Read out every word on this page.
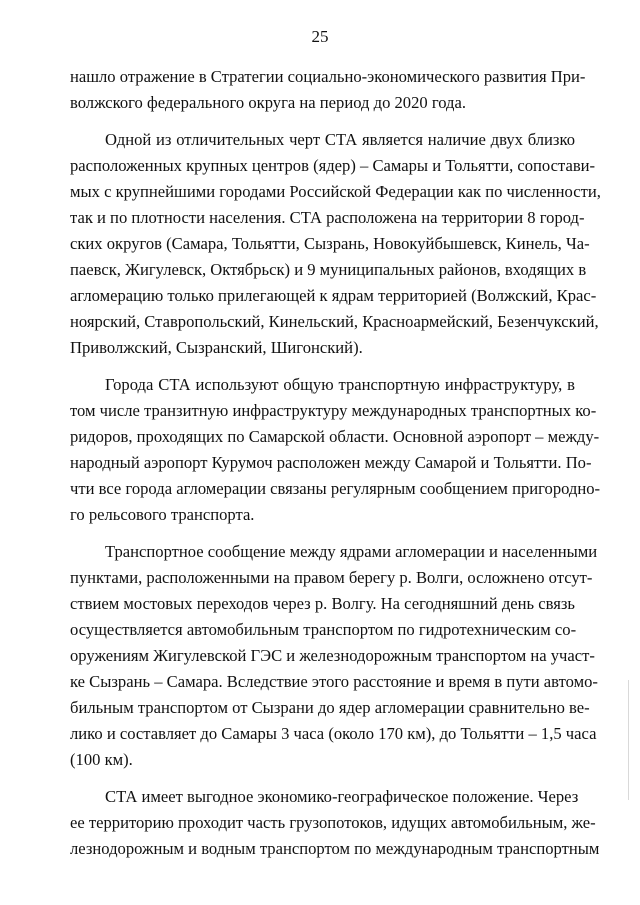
25
нашло отражение в Стратегии социально-экономического развития При-
волжского федерального округа на период до 2020 года.
Одной из отличительных черт СТА является наличие двух близко
расположенных крупных центров (ядер) – Самары и Тольятти, сопостави-
мых с крупнейшими городами Российской Федерации как по численности,
так и по плотности населения. СТА расположена на территории 8 город-
ских округов (Самара, Тольятти, Сызрань, Новокуйбышевск, Кинель, Ча-
паевск, Жигулевск, Октябрьск) и 9 муниципальных районов, входящих в
агломерацию только прилегающей к ядрам территорией (Волжский, Крас-
ноярский, Ставропольский, Кинельский, Красноармейский, Безенчукский,
Приволжский, Сызранский, Шигонский).
Города СТА используют общую транспортную инфраструктуру, в
том числе транзитную инфраструктуру международных транспортных ко-
ридоров, проходящих по Самарской области. Основной аэропорт – между-
народный аэропорт Курумоч расположен между Самарой и Тольятти. По-
чти все города агломерации связаны регулярным сообщением пригородно-
го рельсового транспорта.
Транспортное сообщение между ядрами агломерации и населенными
пунктами, расположенными на правом берегу р. Волги, осложнено отсут-
ствием мостовых переходов через р. Волгу. На сегодняшний день связь
осуществляется автомобильным транспортом по гидротехническим со-
оружениям Жигулевской ГЭС и железнодорожным транспортом на участ-
ке Сызрань – Самара. Вследствие этого расстояние и время в пути автомо-
бильным транспортом от Сызрани до ядер агломерации сравнительно ве-
лико и составляет до Самары 3 часа (около 170 км), до Тольятти – 1,5 часа
(100 км).
СТА имеет выгодное экономико-географическое положение. Через
ее территорию проходит часть грузопотоков, идущих автомобильным, же-
лезнодорожным и водным транспортом по международным транспортным
